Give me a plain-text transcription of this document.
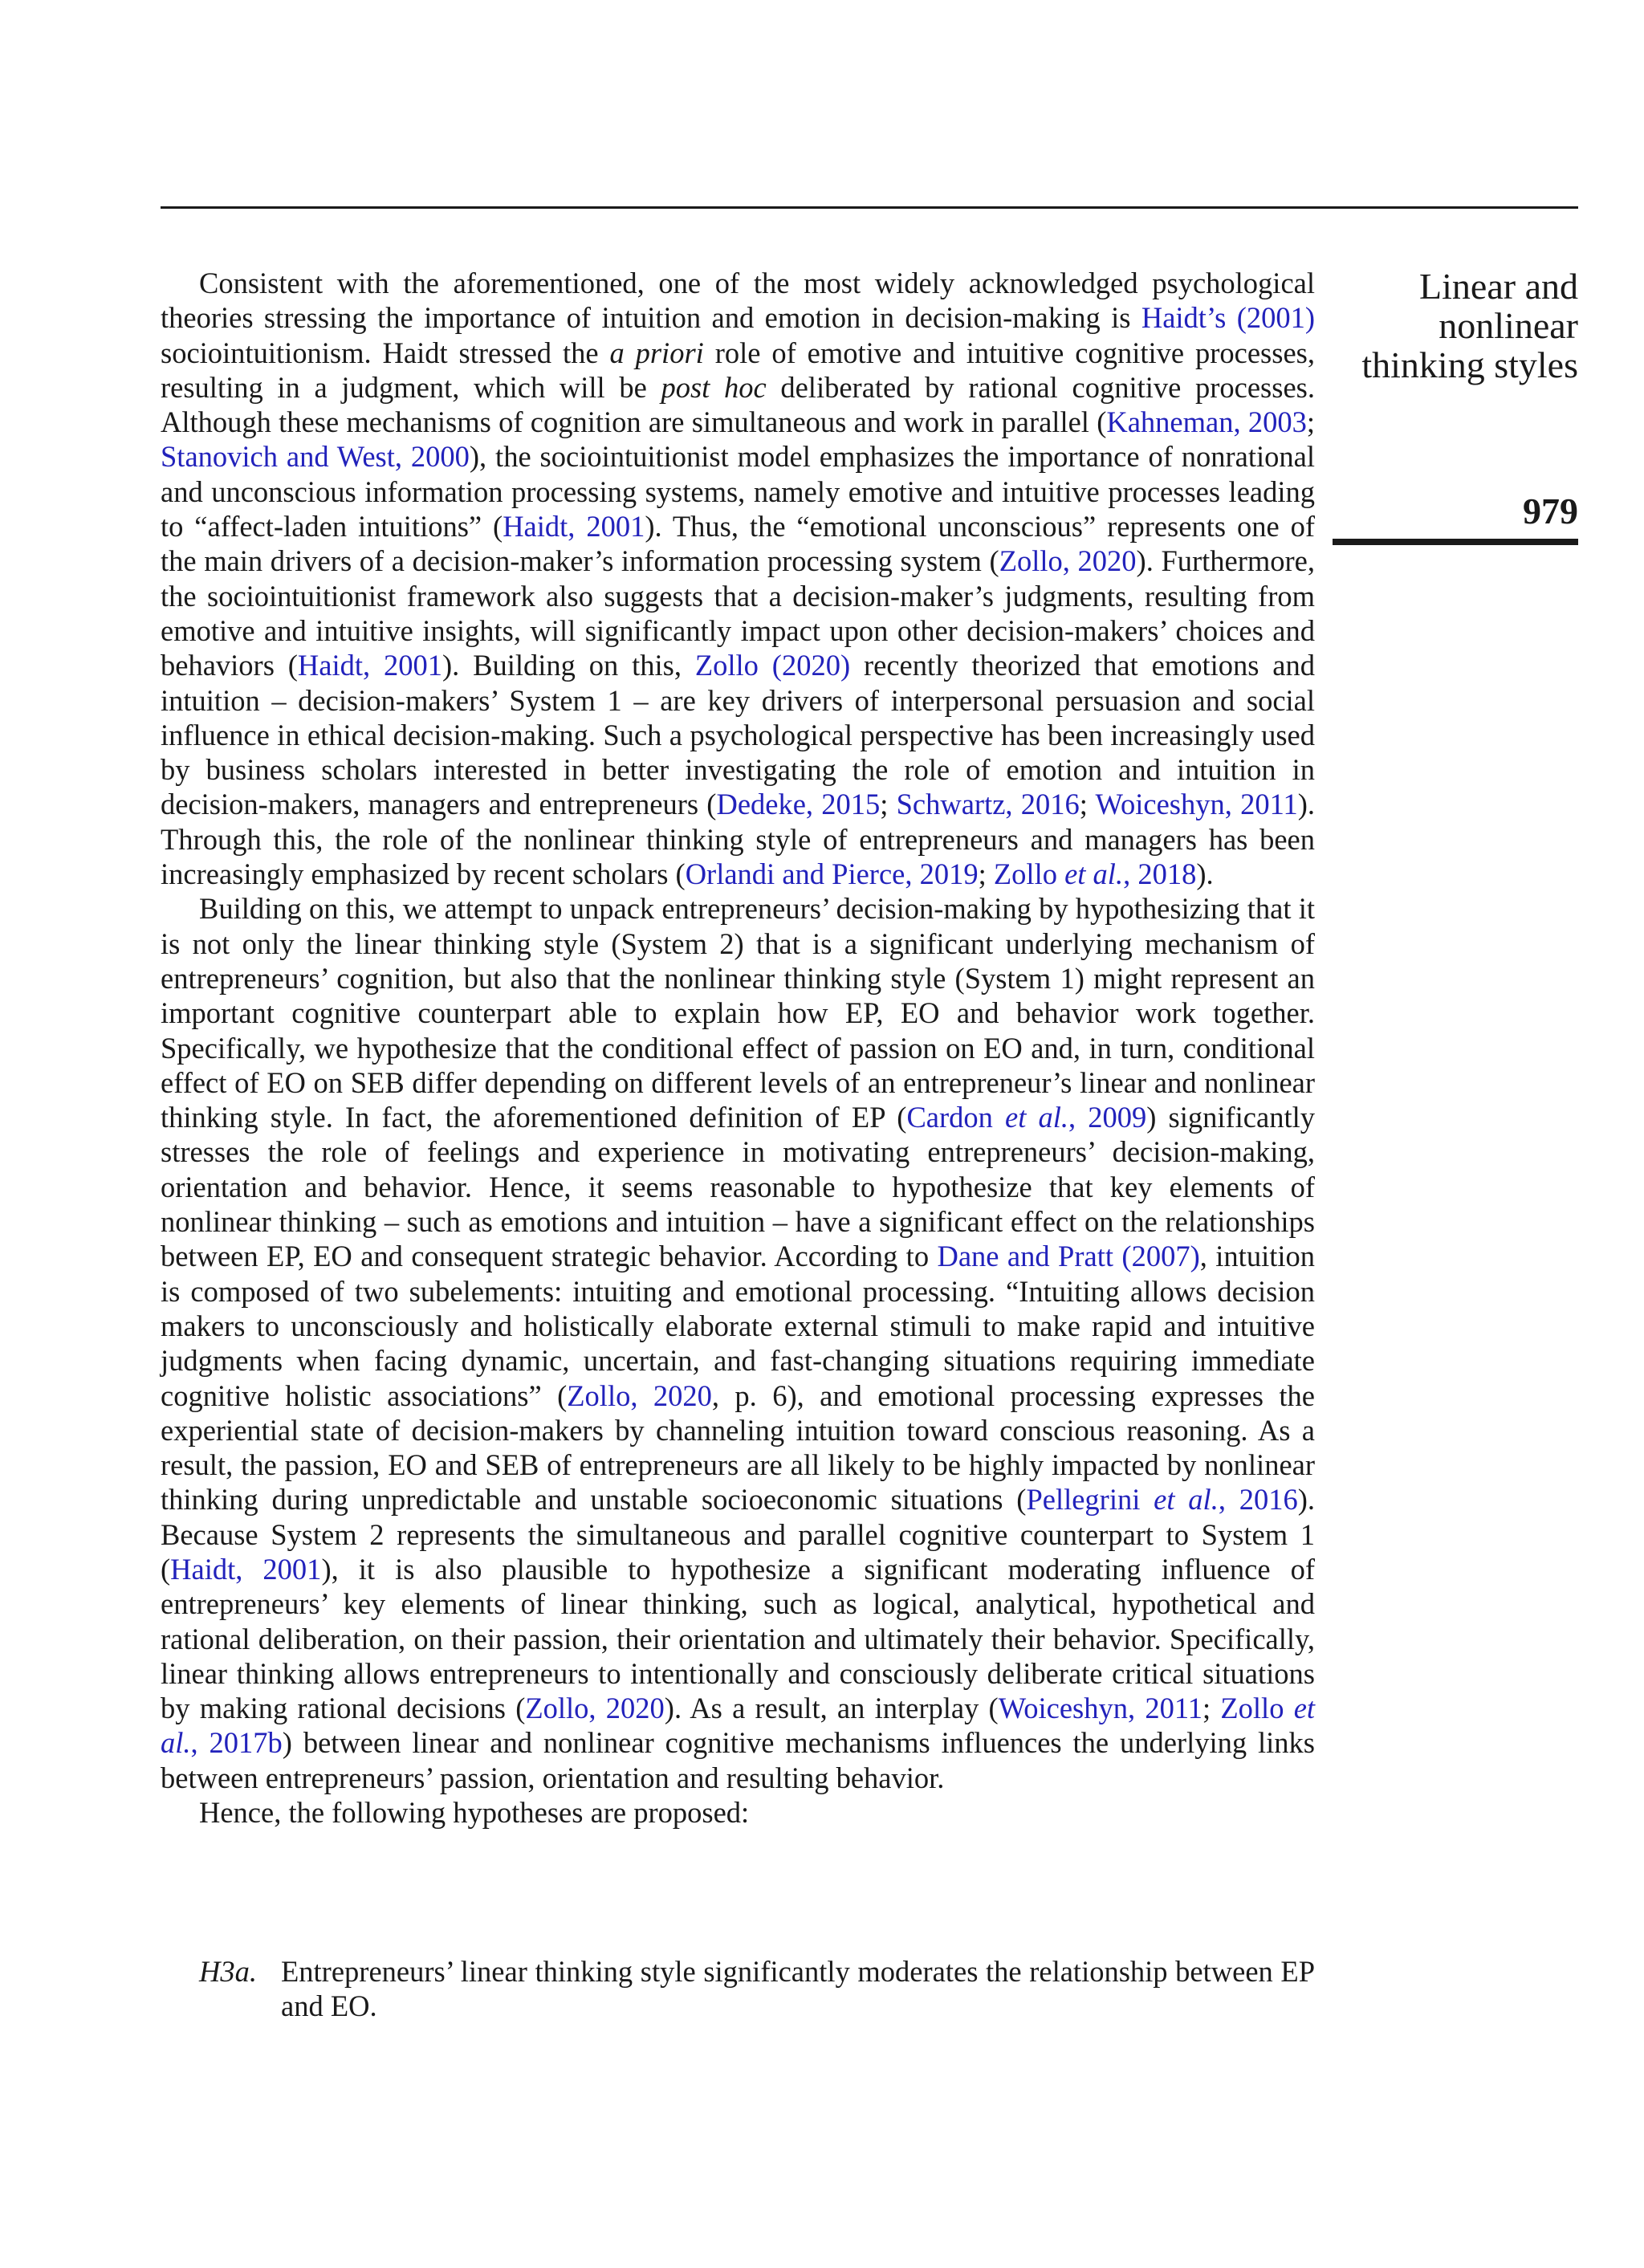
Linear and
nonlinear
thinking styles
979

Consistent with the aforementioned, one of the most widely acknowledged psychological theories stressing the importance of intuition and emotion in decision-making is Haidt’s (2001) sociointuitionism. Haidt stressed the a priori role of emotive and intuitive cognitive processes, resulting in a judgment, which will be post hoc deliberated by rational cognitive processes. Although these mechanisms of cognition are simultaneous and work in parallel (Kahneman, 2003; Stanovich and West, 2000), the sociointuitionist model emphasizes the importance of nonrational and unconscious information processing systems, namely emotive and intuitive processes leading to “affect-laden intuitions” (Haidt, 2001). Thus, the “emotional unconscious” represents one of the main drivers of a decision-maker’s information processing system (Zollo, 2020). Furthermore, the sociointuitionist framework also suggests that a decision-maker’s judgments, resulting from emotive and intuitive insights, will significantly impact upon other decision-makers’ choices and behaviors (Haidt, 2001). Building on this, Zollo (2020) recently theorized that emotions and intuition – decision-makers’ System 1 – are key drivers of interpersonal persuasion and social influence in ethical decision-making. Such a psychological perspective has been increasingly used by business scholars interested in better investigating the role of emotion and intuition in decision-makers, managers and entrepreneurs (Dedeke, 2015; Schwartz, 2016; Woiceshyn, 2011). Through this, the role of the nonlinear thinking style of entrepreneurs and managers has been increasingly emphasized by recent scholars (Orlandi and Pierce, 2019; Zollo et al., 2018).

Building on this, we attempt to unpack entrepreneurs’ decision-making by hypothesizing that it is not only the linear thinking style (System 2) that is a significant underlying mechanism of entrepreneurs’ cognition, but also that the nonlinear thinking style (System 1) might represent an important cognitive counterpart able to explain how EP, EO and behavior work together. Specifically, we hypothesize that the conditional effect of passion on EO and, in turn, conditional effect of EO on SEB differ depending on different levels of an entrepreneur’s linear and nonlinear thinking style. In fact, the aforementioned definition of EP (Cardon et al., 2009) significantly stresses the role of feelings and experience in motivating entrepreneurs’ decision-making, orientation and behavior. Hence, it seems reasonable to hypothesize that key elements of nonlinear thinking – such as emotions and intuition – have a significant effect on the relationships between EP, EO and consequent strategic behavior. According to Dane and Pratt (2007), intuition is composed of two subelements: intuiting and emotional processing. “Intuiting allows decision makers to unconsciously and holistically elaborate external stimuli to make rapid and intuitive judgments when facing dynamic, uncertain, and fast-changing situations requiring immediate cognitive holistic associations” (Zollo, 2020, p. 6), and emotional processing expresses the experiential state of decision-makers by channeling intuition toward conscious reasoning. As a result, the passion, EO and SEB of entrepreneurs are all likely to be highly impacted by nonlinear thinking during unpredictable and unstable socioeconomic situations (Pellegrini et al., 2016). Because System 2 represents the simultaneous and parallel cognitive counterpart to System 1 (Haidt, 2001), it is also plausible to hypothesize a significant moderating influence of entrepreneurs’ key elements of linear thinking, such as logical, analytical, hypothetical and rational deliberation, on their passion, their orientation and ultimately their behavior. Specifically, linear thinking allows entrepreneurs to intentionally and consciously deliberate critical situations by making rational decisions (Zollo, 2020). As a result, an interplay (Woiceshyn, 2011; Zollo et al., 2017b) between linear and nonlinear cognitive mechanisms influences the underlying links between entrepreneurs’ passion, orientation and resulting behavior.

Hence, the following hypotheses are proposed:

H3a. Entrepreneurs’ linear thinking style significantly moderates the relationship between EP and EO.
